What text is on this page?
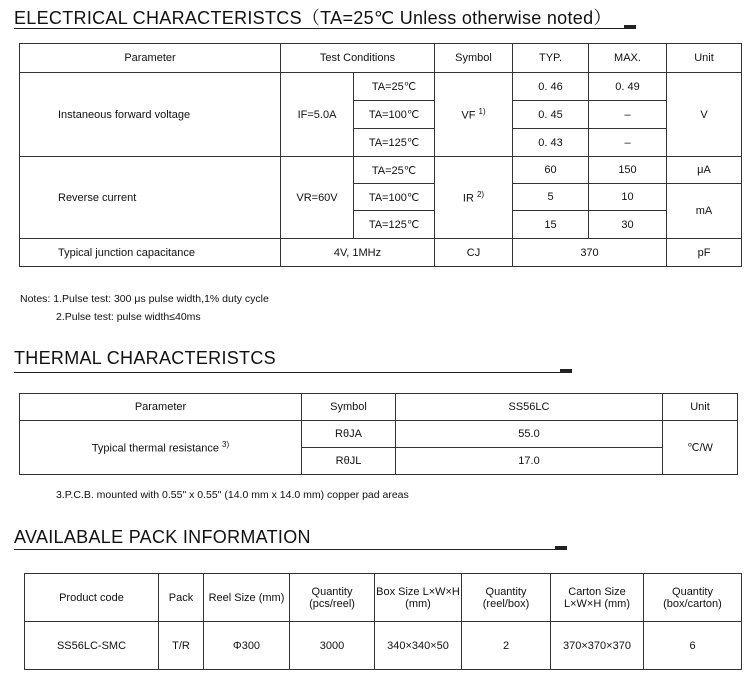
ELECTRICAL CHARACTERISTCS（TA=25℃ Unless otherwise noted）
Parameter	Test Conditions		Symbol	TYP.	MAX.	Unit
Instaneous forward voltage	IF=5.0A	TA=25℃	VF $^{1)}$	0. 46	0. 49	V
		TA=100℃		0. 45	–	
		TA=125℃		0. 43	–	
Reverse current	VR=60V	TA=25℃	IR $^{2)}$	60	150	μA
		TA=100℃		5	10	mA
		TA=125℃		15	30	
Typical junction capacitance	4V, 1MHz		CJ	370		pF
Notes: 1.Pulse test: 300 μs pulse width,1% duty cycle
2.Pulse test: pulse width≤40ms
THERMAL CHARACTERISTCS
Parameter	Symbol	SS56LC	Unit
Typical thermal resistance $^{3)}$	RθJA	55.0	℃/W
	RθJL	17.0	
3.P.C.B. mounted with 0.55" x 0.55" (14.0 mm x 14.0 mm) copper pad areas
AVAILABALE PACK INFORMATION
Product code	Pack	Reel Size (mm)	Quantity (pcs/reel)	Box Size L×W×H (mm)	Quantity (reel/box)	Carton Size L×W×H (mm)	Quantity (box/carton)
SS56LC-SMC	T/R	Φ300	3000	340×340×50	2	370×370×370	6
